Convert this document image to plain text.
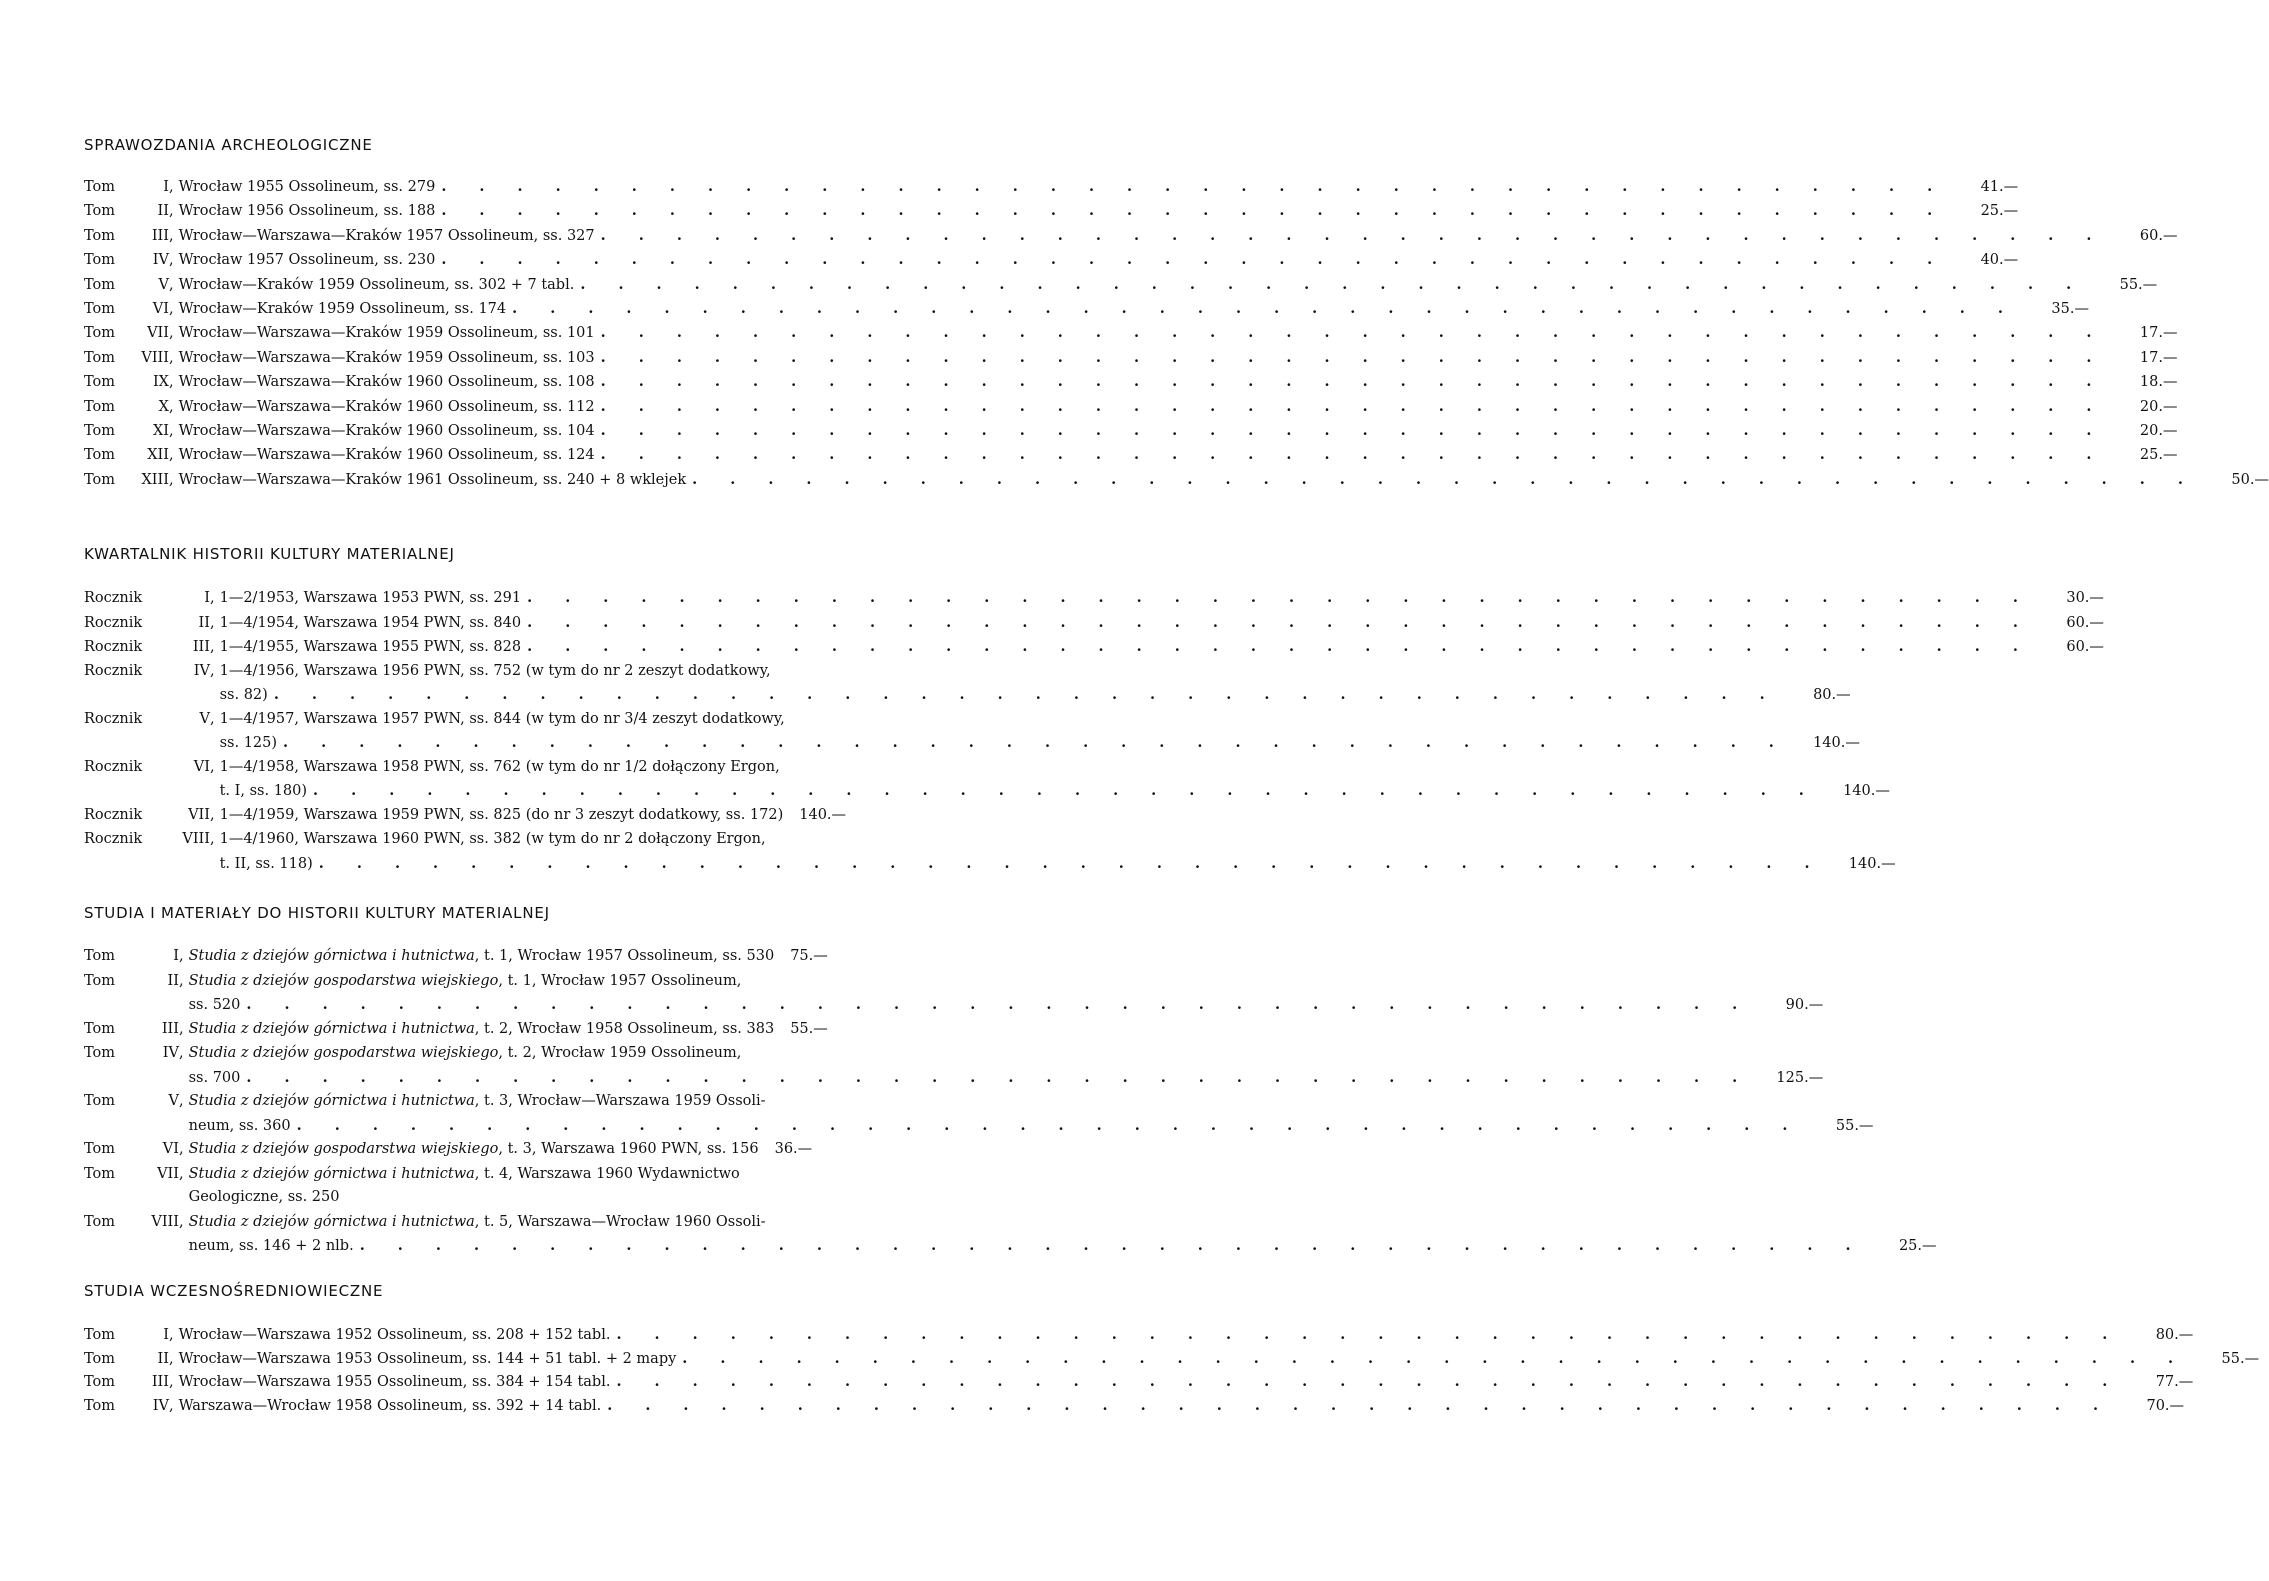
SPRAWOZDANIA ARCHEOLOGICZNE
Tom	I , Wrocław 1955 Ossolineum, ss. 279 . . . . . . . . . . . . . . . . . . . . . . . . . . . . . . . . . . . . . . . .	41.—
Tom	II , Wrocław 1956 Ossolineum, ss. 188 . . . . . . . . . . . . . . . . . . . . . . . . . . . . . . . . . . . . . . . .	25.—
Tom	III , Wrocław—Warszawa—Kraków 1957 Ossolineum, ss. 327 . . . . . . . . . . . . . . . . . . . . . . . . . . . . . . . . . . . . . . . .	60.—
Tom	IV , Wrocław 1957 Ossolineum, ss. 230 . . . . . . . . . . . . . . . . . . . . . . . . . . . . . . . . . . . . . . . .	40.—
Tom	V , Wrocław—Kraków 1959 Ossolineum, ss. 302 + 7 tabl. . . . . . . . . . . . . . . . . . . . . . . . . . . . . . . . . . . . . . . . .	55.—
Tom	VI , Wrocław—Kraków 1959 Ossolineum, ss. 174 . . . . . . . . . . . . . . . . . . . . . . . . . . . . . . . . . . . . . . . .	35.—
Tom	VII , Wrocław—Warszawa—Kraków 1959 Ossolineum, ss. 101 . . . . . . . . . . . . . . . . . . . . . . . . . . . . . . . . . . . . . . . .	17.—
Tom	VIII , Wrocław—Warszawa—Kraków 1959 Ossolineum, ss. 103 . . . . . . . . . . . . . . . . . . . . . . . . . . . . . . . . . . . . . . . .	17.—
Tom	IX , Wrocław—Warszawa—Kraków 1960 Ossolineum, ss. 108 . . . . . . . . . . . . . . . . . . . . . . . . . . . . . . . . . . . . . . . .	18.—
Tom	X , Wrocław—Warszawa—Kraków 1960 Ossolineum, ss. 112 . . . . . . . . . . . . . . . . . . . . . . . . . . . . . . . . . . . . . . . .	20.—
Tom	XI , Wrocław—Warszawa—Kraków 1960 Ossolineum, ss. 104 . . . . . . . . . . . . . . . . . . . . . . . . . . . . . . . . . . . . . . . .	20.—
Tom	XII , Wrocław—Warszawa—Kraków 1960 Ossolineum, ss. 124 . . . . . . . . . . . . . . . . . . . . . . . . . . . . . . . . . . . . . . . .	25.—
Tom	XIII , Wrocław—Warszawa—Kraków 1961 Ossolineum, ss. 240 + 8 wklejek . . . . . . . . . . . . . . . . . . . . . . . . . . . . . . . . . . . . . . . .	50.—
KWARTALNIK HISTORII KULTURY MATERIALNEJ
Rocznik	I , 1—2/1953, Warszawa 1953 PWN, ss. 291 . . . . . . . . . . . . . . . . . . . . . . . . . . . . . . . . . . . . . . . .	30.—
Rocznik	II , 1—4/1954, Warszawa 1954 PWN, ss. 840 . . . . . . . . . . . . . . . . . . . . . . . . . . . . . . . . . . . . . . . .	60.—
Rocznik	III , 1—4/1955, Warszawa 1955 PWN, ss. 828 . . . . . . . . . . . . . . . . . . . . . . . . . . . . . . . . . . . . . . . .	60.—
Rocznik	IV , 1—4/1956, Warszawa 1956 PWN, ss. 752 (w tym do nr 2 zeszyt dodatkowy,
ss. 82) . . . . . . . . . . . . . . . . . . . . . . . . . . . . . . . . . . . . . . . .	80.—
Rocznik	V , 1—4/1957, Warszawa 1957 PWN, ss. 844 (w tym do nr 3/4 zeszyt dodatkowy,
ss. 125) . . . . . . . . . . . . . . . . . . . . . . . . . . . . . . . . . . . . . . . .	140.—
Rocznik	VI , 1—4/1958, Warszawa 1958 PWN, ss. 762 (w tym do nr 1/2 dołączony Ergon,
t. I, ss. 180) . . . . . . . . . . . . . . . . . . . . . . . . . . . . . . . . . . . . . . . .	140.—
Rocznik	VII , 1—4/1959, Warszawa 1959 PWN, ss. 825 (do nr 3 zeszyt dodatkowy, ss. 172)	140.—
Rocznik	VIII , 1—4/1960, Warszawa 1960 PWN, ss. 382 (w tym do nr 2 dołączony Ergon,
t. II, ss. 118) . . . . . . . . . . . . . . . . . . . . . . . . . . . . . . . . . . . . . . . .	140.—
STUDIA I MATERIAŁY DO HISTORII KULTURY MATERIALNEJ
Tom	I , Studia z dziejów górnictwa i hutnictwa, t. 1, Wrocław 1957 Ossolineum, ss. 530	75.—
Tom	II , Studia z dziejów gospodarstwa wiejskiego, t. 1, Wrocław 1957 Ossolineum,
ss. 520 . . . . . . . . . . . . . . . . . . . . . . . . . . . . . . . . . . . . . . . .	90.—
Tom	III , Studia z dziejów górnictwa i hutnictwa, t. 2, Wrocław 1958 Ossolineum, ss. 383	55.—
Tom	IV , Studia z dziejów gospodarstwa wiejskiego, t. 2, Wrocław 1959 Ossolineum,
ss. 700 . . . . . . . . . . . . . . . . . . . . . . . . . . . . . . . . . . . . . . . .	125.—
Tom	V , Studia z dziejów górnictwa i hutnictwa, t. 3, Wrocław—Warszawa 1959 Ossoli-
neum, ss. 360 . . . . . . . . . . . . . . . . . . . . . . . . . . . . . . . . . . . . . . . .	55.—
Tom	VI , Studia z dziejów gospodarstwa wiejskiego, t. 3, Warszawa 1960 PWN, ss. 156	36.—
Tom	VII , Studia z dziejów górnictwa i hutnictwa, t. 4, Warszawa 1960 Wydawnictwo
Geologiczne, ss. 250
Tom	VIII , Studia z dziejów górnictwa i hutnictwa, t. 5, Warszawa—Wrocław 1960 Ossoli-
neum, ss. 146 + 2 nlb. . . . . . . . . . . . . . . . . . . . . . . . . . . . . . . . . . . . . . . . .	25.—
STUDIA WCZESNOŚREDNIOWIECZNE
Tom	I , Wrocław—Warszawa 1952 Ossolineum, ss. 208 + 152 tabl. . . . . . . . . . . . . . . . . . . . . . . . . . . . . . . . . . . . . . . . .	80.—
Tom	II , Wrocław—Warszawa 1953 Ossolineum, ss. 144 + 51 tabl. + 2 mapy . . . . . . . . . . . . . . . . . . . . . . . . . . . . . . . . . . . . . . . .	55.—
Tom	III , Wrocław—Warszawa 1955 Ossolineum, ss. 384 + 154 tabl. . . . . . . . . . . . . . . . . . . . . . . . . . . . . . . . . . . . . . . . .	77.—
Tom	IV , Warszawa—Wrocław 1958 Ossolineum, ss. 392 + 14 tabl. . . . . . . . . . . . . . . . . . . . . . . . . . . . . . . . . . . . . . . . .	70.—
